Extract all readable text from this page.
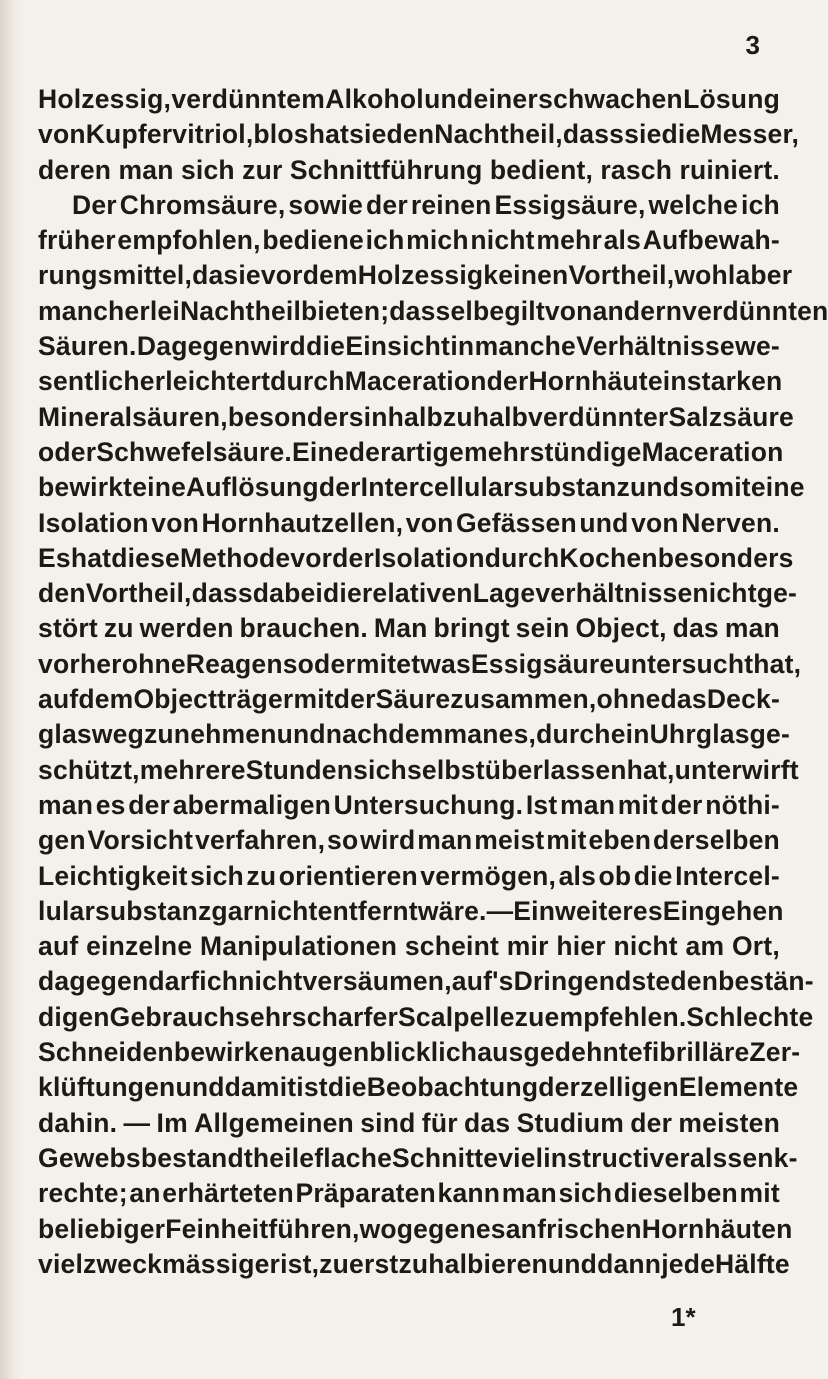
3
Holzessig, verdünntem Alkohol und einer schwachen Lösung
von Kupfervitriol, blos hat sie den Nachtheil, dass sie die Messer,
deren man sich zur Schnittführung bedient, rasch ruiniert.
Der Chromsäure, sowie der reinen Essigsäure, welche ich
früher empfohlen, bediene ich mich nicht mehr als Aufbewah-
rungsmittel, da sie vor dem Holzessig keinen Vortheil, wohl aber
mancherlei Nachtheil bieten; dasselbe gilt von andern verdünnten
Säuren. Dagegen wird die Einsicht in manche Verhältnisse we-
sentlich erleichtert durch Maceration der Hornhäute in starken
Mineralsäuren, besonders in halb zu halb verdünnter Salzsäure
oder Schwefelsäure. Eine derartige mehrstündige Maceration
bewirkt eine Auflösung der Intercellularsubstanz und somit eine
Isolation von Hornhautzellen, von Gefässen und von Nerven.
Es hat diese Methode vor der Isolation durch Kochen besonders
den Vortheil, dass dabei die relativen Lageverhältnisse nicht ge-
stört zu werden brauchen. Man bringt sein Object, das man
vorher ohne Reagens oder mit etwas Essigsäure untersucht hat,
auf dem Objectträger mit der Säure zusammen, ohne das Deck-
glas wegzunehmen und nachdem man es, durch ein Uhrglas ge-
schützt, mehrere Stunden sich selbst überlassen hat, unterwirft
man es der abermaligen Untersuchung. Ist man mit der nöthi-
gen Vorsicht verfahren, so wird man meist mit eben derselben
Leichtigkeit sich zu orientieren vermögen, als ob die Intercel-
lularsubstanz gar nicht entfernt wäre. — Ein weiteres Eingehen
auf einzelne Manipulationen scheint mir hier nicht am Ort,
dagegen darf ich nicht versäumen, auf's Dringendste den bestän-
digen Gebrauch sehr scharfer Scalpelle zu empfehlen. Schlechte
Schneiden bewirken augenblicklich ausgedehnte fibrilläre Zer-
klüftungen und damit ist die Beobachtung der zelligen Elemente
dahin. — Im Allgemeinen sind für das Studium der meisten
Gewebsbestandtheile flache Schnitte viel instructiver als senk-
rechte; an erhärteten Präparaten kann man sich dieselben mit
beliebiger Feinheit führen, wogegen es an frischen Hornhäuten
viel zweckmässiger ist, zuerst zu halbieren und dann jede Hälfte
1*
